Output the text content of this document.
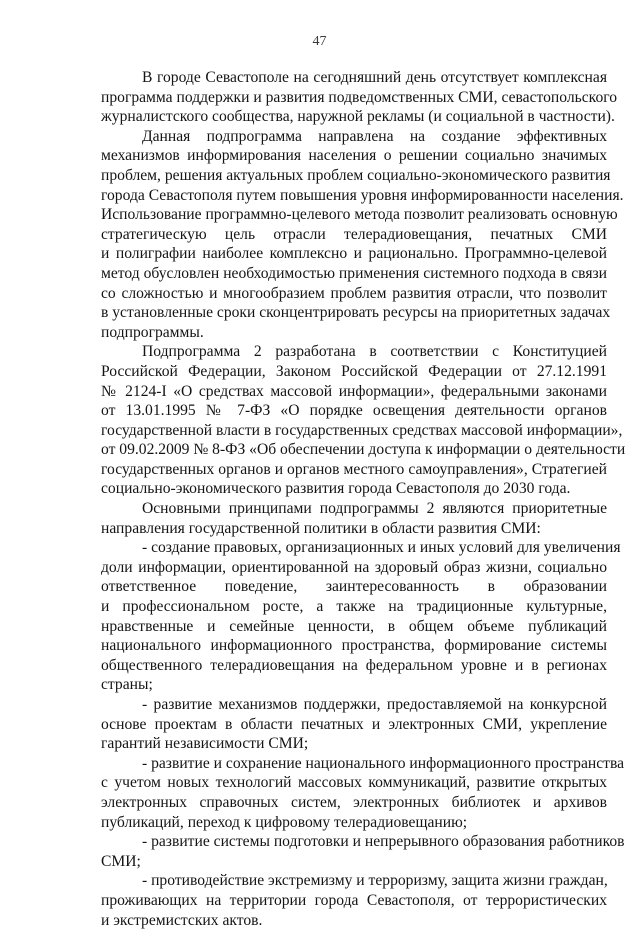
47
В городе Севастополе на сегодняшний день отсутствует комплексная
программа поддержки и развития подведомственных СМИ, севастопольского
журналистского сообщества, наружной рекламы (и социальной в частности).
Данная подпрограмма направлена на создание эффективных
механизмов информирования населения о решении социально значимых
проблем, решения актуальных проблем социально-экономического развития
города Севастополя путем повышения уровня информированности населения.
Использование программно-целевого метода позволит реализовать основную
стратегическую цель отрасли телерадиовещания, печатных СМИ
и полиграфии наиболее комплексно и рационально. Программно-целевой
метод обусловлен необходимостью применения системного подхода в связи
со сложностью и многообразием проблем развития отрасли, что позволит
в установленные сроки сконцентрировать ресурсы на приоритетных задачах
подпрограммы.
Подпрограмма 2 разработана в соответствии с Конституцией
Российской Федерации, Законом Российской Федерации от 27.12.1991
№ 2124-I «О средствах массовой информации», федеральными законами
от 13.01.1995 № 7-ФЗ «О порядке освещения деятельности органов
государственной власти в государственных средствах массовой информации»,
от 09.02.2009 № 8-ФЗ «Об обеспечении доступа к информации о деятельности
государственных органов и органов местного самоуправления», Стратегией
социально-экономического развития города Севастополя до 2030 года.
Основными принципами подпрограммы 2 являются приоритетные
направления государственной политики в области развития СМИ:
- создание правовых, организационных и иных условий для увеличения
доли информации, ориентированной на здоровый образ жизни, социально
ответственное поведение, заинтересованность в образовании
и профессиональном росте, а также на традиционные культурные,
нравственные и семейные ценности, в общем объеме публикаций
национального информационного пространства, формирование системы
общественного телерадиовещания на федеральном уровне и в регионах
страны;
- развитие механизмов поддержки, предоставляемой на конкурсной
основе проектам в области печатных и электронных СМИ, укрепление
гарантий независимости СМИ;
- развитие и сохранение национального информационного пространства
с учетом новых технологий массовых коммуникаций, развитие открытых
электронных справочных систем, электронных библиотек и архивов
публикаций, переход к цифровому телерадиовещанию;
- развитие системы подготовки и непрерывного образования работников
СМИ;
- противодействие экстремизму и терроризму, защита жизни граждан,
проживающих на территории города Севастополя, от террористических
и экстремистских актов.
